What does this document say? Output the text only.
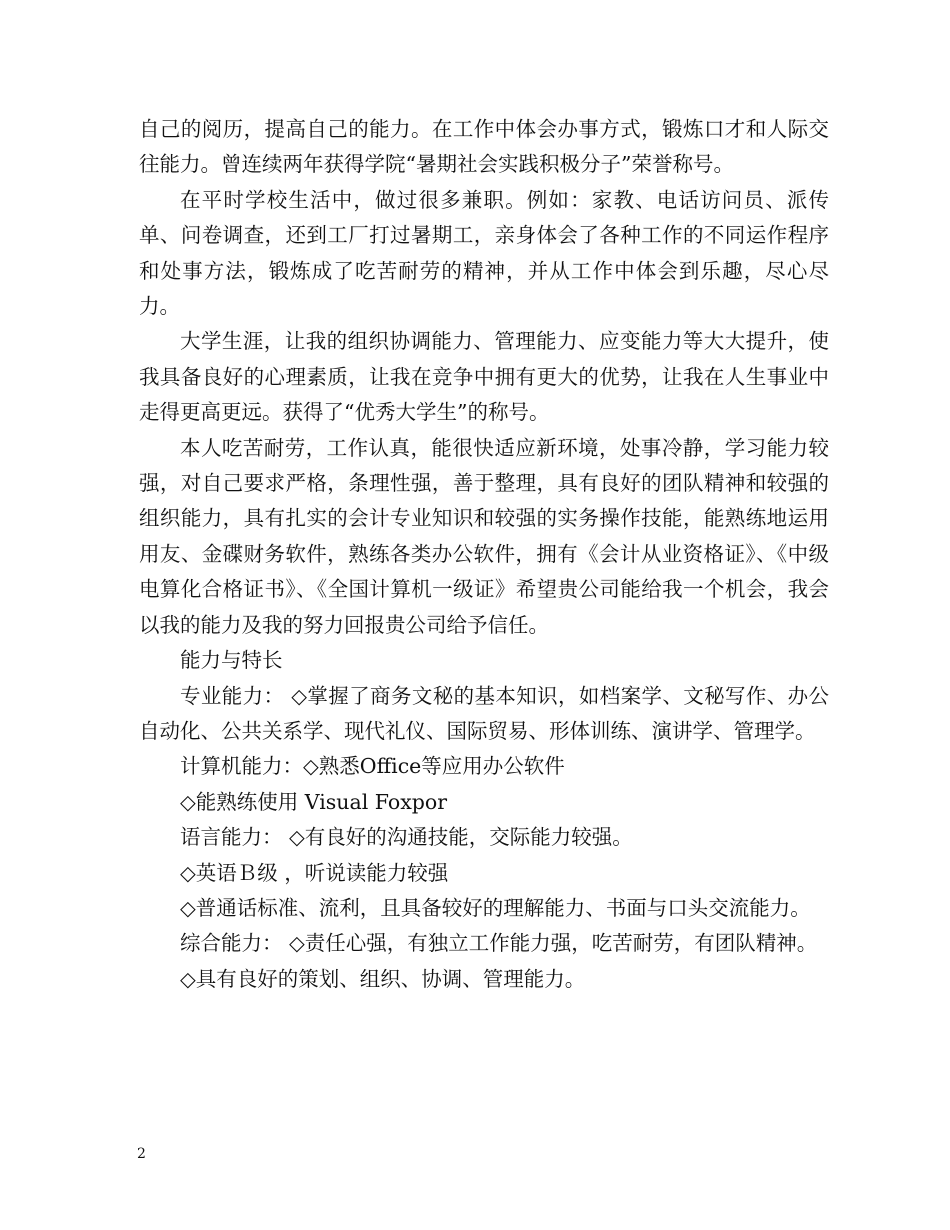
自己的阅历，提高自己的能力。在工作中体会办事方式，锻炼口才和人际交往能力。曾连续两年获得学院“暑期社会实践积极分子”荣誉称号。

在平时学校生活中，做过很多兼职。例如：家教、电话访问员、派传单、问卷调查，还到工厂打过暑期工，亲身体会了各种工作的不同运作程序和处事方法，锻炼成了吃苦耐劳的精神，并从工作中体会到乐趣，尽心尽力。

大学生涯，让我的组织协调能力、管理能力、应变能力等大大提升，使我具备良好的心理素质，让我在竞争中拥有更大的优势，让我在人生事业中走得更高更远。获得了“优秀大学生”的称号。

本人吃苦耐劳，工作认真，能很快适应新环境，处事冷静，学习能力较强，对自己要求严格，条理性强，善于整理，具有良好的团队精神和较强的组织能力，具有扎实的会计专业知识和较强的实务操作技能，能熟练地运用用友、金碟财务软件，熟练各类办公软件，拥有《会计从业资格证》、《中级电算化合格证书》、《全国计算机一级证》希望贵公司能给我一个机会，我会以我的能力及我的努力回报贵公司给予信任。

能力与特长

专业能力： ◇掌握了商务文秘的基本知识，如档案学、文秘写作、办公自动化、公共关系学、现代礼仪、国际贸易、形体训练、演讲学、管理学。

计算机能力：◇熟悉Office等应用办公软件

◇能熟练使用 Visual Foxpor

语言能力： ◇有良好的沟通技能，交际能力较强。

◇英语Ｂ级 ，听说读能力较强

◇普通话标准、流利，且具备较好的理解能力、书面与口头交流能力。

综合能力： ◇责任心强，有独立工作能力强，吃苦耐劳，有团队精神。

◇具有良好的策划、组织、协调、管理能力。

2
